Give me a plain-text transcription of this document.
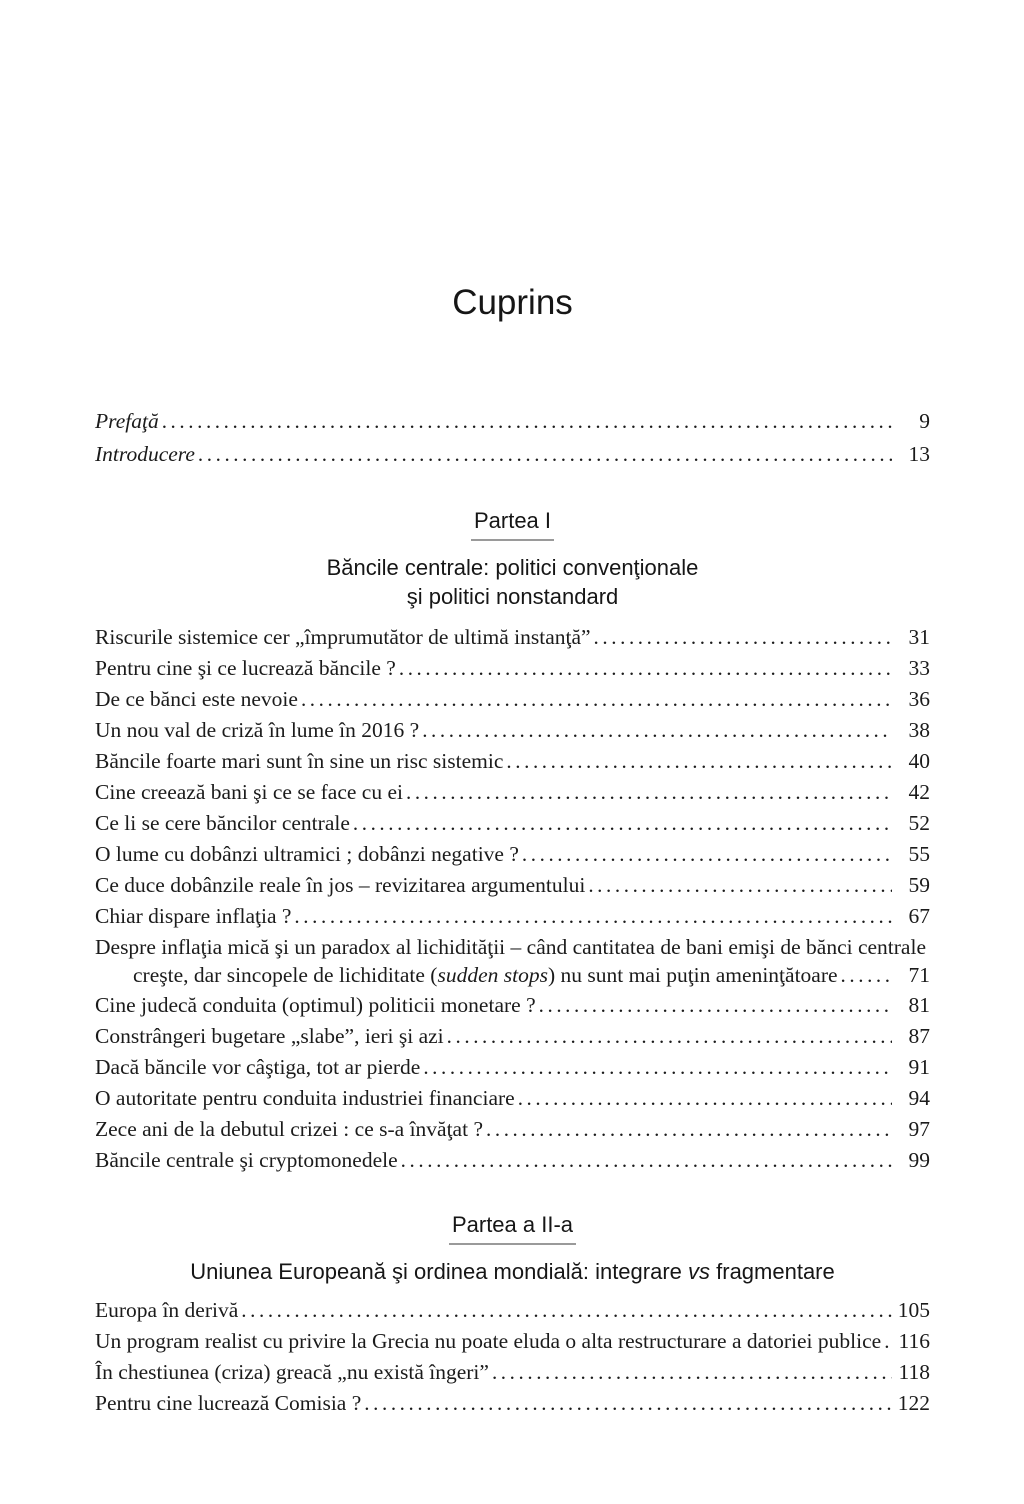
Cuprins
Prefaţă .....	9
Introducere .....	13
Partea I
Băncile centrale: politici convenţionale
şi politici nonstandard
Riscurile sistemice cer „împrumutător de ultimă instanţă” .....	31
Pentru cine şi ce lucrează băncile ? .....	33
De ce bănci este nevoie .....	36
Un nou val de criză în lume în 2016 ? .....	38
Băncile foarte mari sunt în sine un risc sistemic .....	40
Cine creează bani şi ce se face cu ei .....	42
Ce li se cere băncilor centrale .....	52
O lume cu dobânzi ultramici ; dobânzi negative ? .....	55
Ce duce dobânzile reale în jos – revizitarea argumentului .....	59
Chiar dispare inflaţia ? .....	67
Despre inflaţia mică şi un paradox al lichidităţii – când cantitatea de bani emişi de bănci centrale
creşte, dar sincopele de lichiditate (sudden stops) nu sunt mai puţin ameninţătoare .....	71
Cine judecă conduita (optimul) politicii monetare ? .....	81
Constrângeri bugetare „slabe”, ieri şi azi .....	87
Dacă băncile vor câştiga, tot ar pierde .....	91
O autoritate pentru conduita industriei financiare .....	94
Zece ani de la debutul crizei : ce s-a învăţat ? .....	97
Băncile centrale şi cryptomonedele .....	99
Partea a II-a
Uniunea Europeană şi ordinea mondială: integrare vs fragmentare
Europa în derivă .....	105
Un program realist cu privire la Grecia nu poate eluda o alta restructurare a datoriei publice ..... 116
În chestiunea (criza) greacă „nu există îngeri” .....	118
Pentru cine lucrează Comisia ? .....	122
